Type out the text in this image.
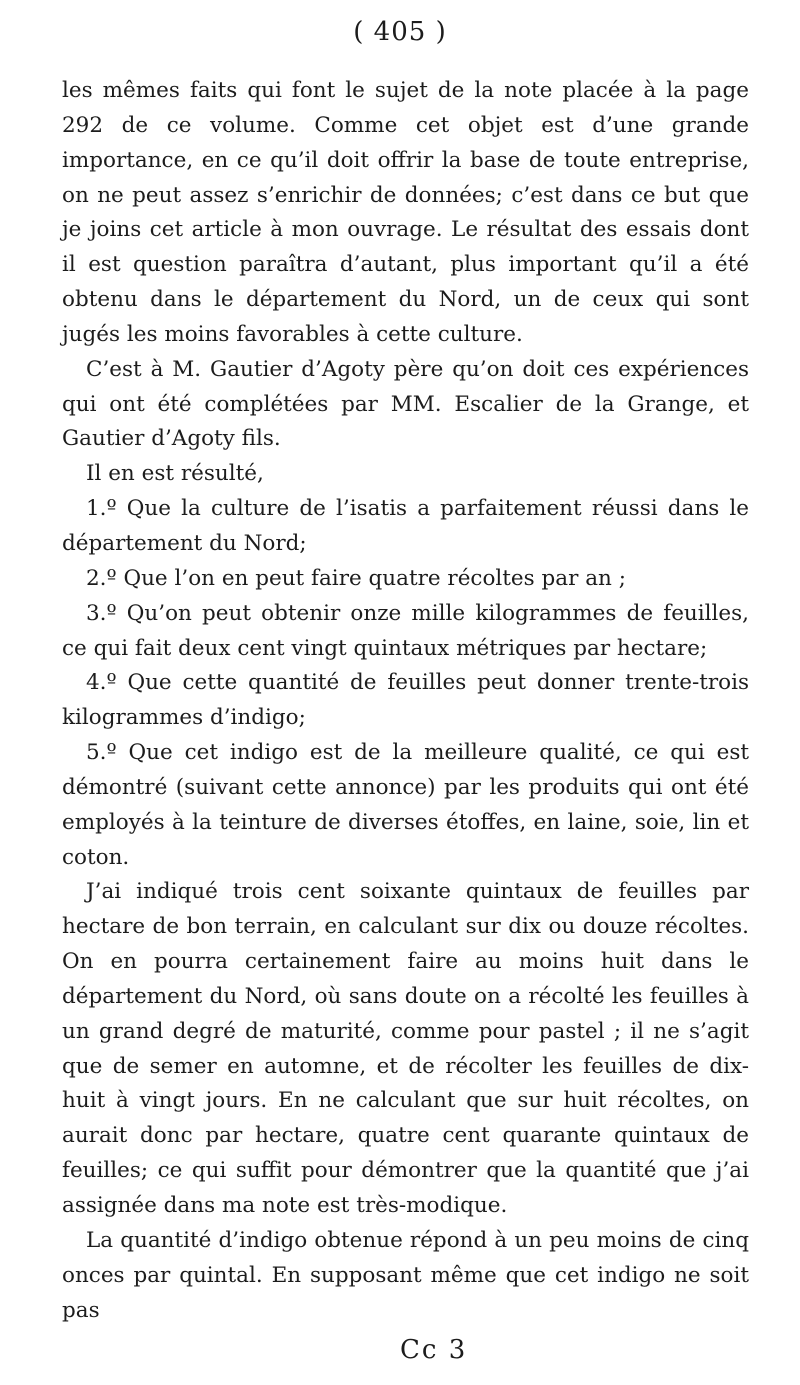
( 405 )

les mêmes faits qui font le sujet de la note placée à la page 292 de ce volume. Comme cet objet est d’une grande importance, en ce qu’il doit offrir la base de toute entreprise, on ne peut assez s’enrichir de données; c’est dans ce but que je joins cet article à mon ouvrage. Le résultat des essais dont il est question paraîtra d’autant, plus important qu’il a été obtenu dans le département du Nord, un de ceux qui sont jugés les moins favorables à cette culture.

C’est à M. Gautier d’Agoty père qu’on doit ces expériences qui ont été complétées par MM. Escalier de la Grange, et Gautier d’Agoty fils.

Il en est résulté,

1.º Que la culture de l’isatis a parfaitement réussi dans le département du Nord;

2.º Que l’on en peut faire quatre récoltes par an ;

3.º Qu’on peut obtenir onze mille kilogrammes de feuilles, ce qui fait deux cent vingt quintaux métriques par hectare;

4.º Que cette quantité de feuilles peut donner trente-trois kilogrammes d’indigo;

5.º Que cet indigo est de la meilleure qualité, ce qui est démontré (suivant cette annonce) par les produits qui ont été employés à la teinture de diverses étoffes, en laine, soie, lin et coton.

J’ai indiqué trois cent soixante quintaux de feuilles par hectare de bon terrain, en calculant sur dix ou douze récoltes. On en pourra certainement faire au moins huit dans le département du Nord, où sans doute on a récolté les feuilles à un grand degré de maturité, comme pour pastel ; il ne s’agit que de semer en automne, et de récolter les feuilles de dix-huit à vingt jours. En ne calculant que sur huit récoltes, on aurait donc par hectare, quatre cent quarante quintaux de feuilles; ce qui suffit pour démontrer que la quantité que j’ai assignée dans ma note est très-modique.

La quantité d’indigo obtenue répond à un peu moins de cinq onces par quintal. En supposant même que cet indigo ne soit pas

Cc 3
